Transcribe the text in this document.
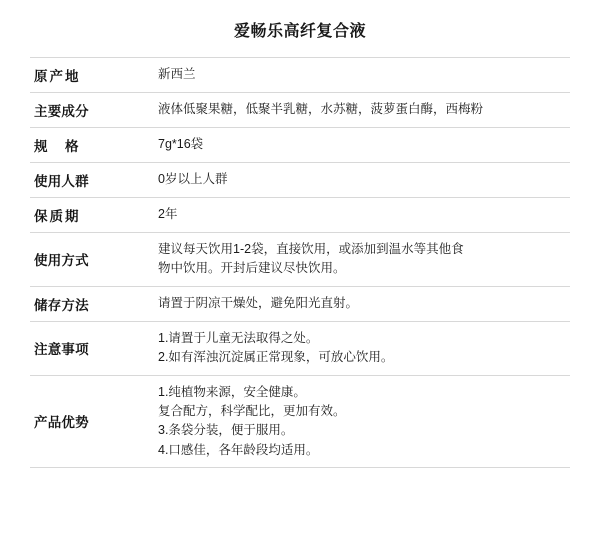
爱畅乐高纤复合液
原产地	新西兰

主要成分	液体低聚果糖，低聚半乳糖，水苏糖，菠萝蛋白酶，西梅粉

规　格	7g*16袋

使用人群	0岁以上人群

保质期	2年

使用方式	建议每天饮用1-2袋，直接饮用，或添加到温水等其他食
物中饮用。开封后建议尽快饮用。

储存方法	请置于阴凉干燥处，避免阳光直射。

注意事项	1.请置于儿童无法取得之处。
2.如有浑浊沉淀属正常现象，可放心饮用。

产品优势	1.纯植物来源，安全健康。
复合配方，科学配比，更加有效。
3.条袋分装，便于服用。
4.口感佳，各年龄段均适用。
